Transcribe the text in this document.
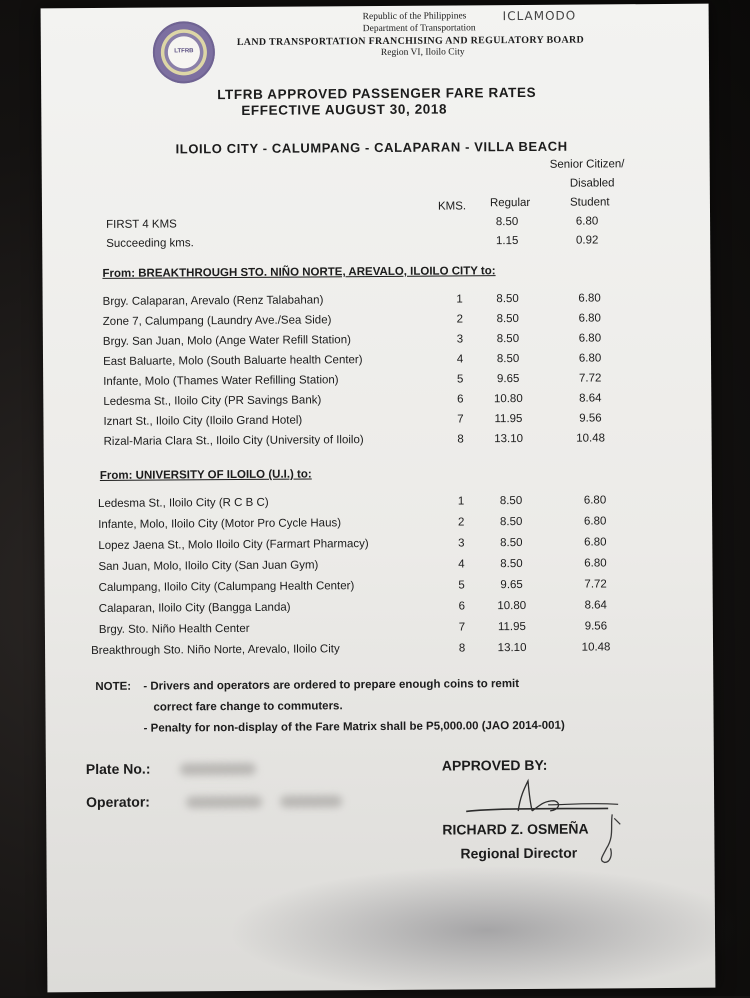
LTFRB
Republic of the Philippines
Department of Transportation
LAND TRANSPORTATION FRANCHISING AND REGULATORY BOARD
Region VI, Iloilo City
ICLAMODO
LTFRB APPROVED PASSENGER FARE RATES
EFFECTIVE AUGUST 30, 2018
ILOILO CITY - CALUMPANG - CALAPARAN - VILLA BEACH
Senior Citizen/
Disabled
Student
KMS. Regular
FIRST 4 KMS	8.50	6.80
Succeeding kms.	1.15	0.92
From: BREAKTHROUGH STO. NIÑO NORTE, AREVALO, ILOILO CITY to:
Brgy. Calaparan, Arevalo (Renz Talabahan)	1	8.50	6.80
Zone 7, Calumpang (Laundry Ave./Sea Side)	2	8.50	6.80
Brgy. San Juan, Molo (Ange Water Refill Station)	3	8.50	6.80
East Baluarte, Molo (South Baluarte health Center)	4	8.50	6.80
Infante, Molo (Thames Water Refilling Station)	5	9.65	7.72
Ledesma St., Iloilo City (PR Savings Bank)	6	10.80	8.64
Iznart St., Iloilo City (Iloilo Grand Hotel)	7	11.95	9.56
Rizal-Maria Clara St., Iloilo City (University of Iloilo)	8	13.10	10.48
From: UNIVERSITY OF ILOILO (U.I.) to:
Ledesma St., Iloilo City (R C B C)	1	8.50	6.80
Infante, Molo, Iloilo City (Motor Pro Cycle Haus)	2	8.50	6.80
Lopez Jaena St., Molo Iloilo City (Farmart Pharmacy)	3	8.50	6.80
San Juan, Molo, Iloilo City (San Juan Gym)	4	8.50	6.80
Calumpang, Iloilo City (Calumpang Health Center)	5	9.65	7.72
Calaparan, Iloilo City (Bangga Landa)	6	10.80	8.64
Brgy. Sto. Niño Health Center	7	11.95	9.56
Breakthrough Sto. Niño Norte, Arevalo, Iloilo City	8	13.10	10.48
NOTE: - Drivers and operators are ordered to prepare enough coins to remit
correct fare change to commuters.
- Penalty for non-display of the Fare Matrix shall be P5,000.00 (JAO 2014-001)
Plate No.:
Operator:

APPROVED BY:
RICHARD Z. OSMEÑA
Regional Director
